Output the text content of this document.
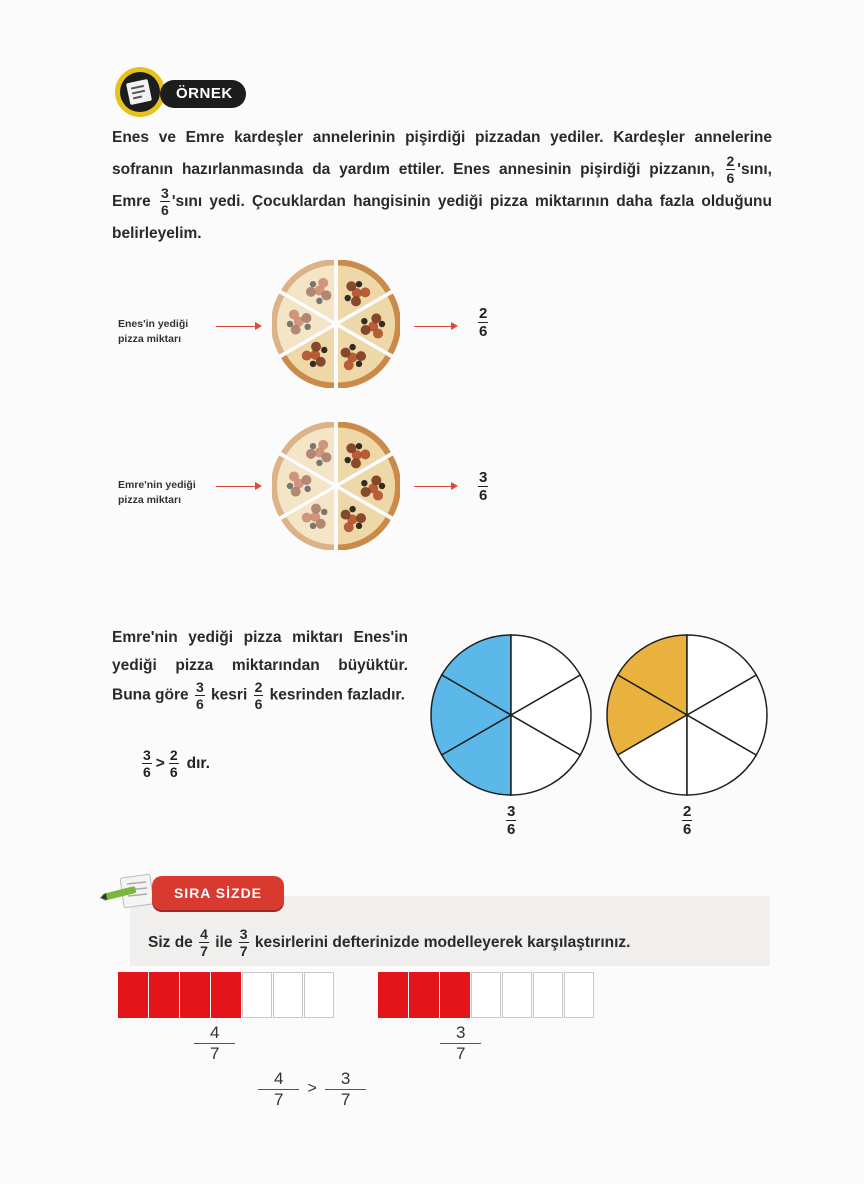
ÖRNEK
Enes ve Emre kardeşler annelerinin pişirdiği pizzadan yediler. Kardeşler annelerine sofranın hazırlanmasında da yardım ettiler. Enes annesinin pişirdiği pizzanın, $\frac{2}{6}$ 'sını, Emre $\frac{3}{6}$ 'sını yedi. Çocuklardan hangisinin yediği pizza miktarının daha fazla olduğunu belirleyelim.
Enes'in yediği
pizza miktarı	$\frac{2}{6}$
Emre'nin yediği
pizza miktarı	$\frac{3}{6}$
Emre'nin yediği pizza miktarı Enes'in yediği pizza miktarından büyüktür. Buna göre $\frac{3}{6}$ kesri $\frac{2}{6}$ kesrinden fazladır.
$\frac{3}{6} > \frac{2}{6}$ dır.
$\frac{3}{6}$	$\frac{2}{6}$
SIRA SİZDE
Siz de $\frac{4}{7}$ ile $\frac{3}{7}$ kesirlerini defterinizde modelleyerek karşılaştırınız.
$\frac{4}{7}$	$\frac{3}{7}$
$\frac{4}{7} > \frac{3}{7}$
